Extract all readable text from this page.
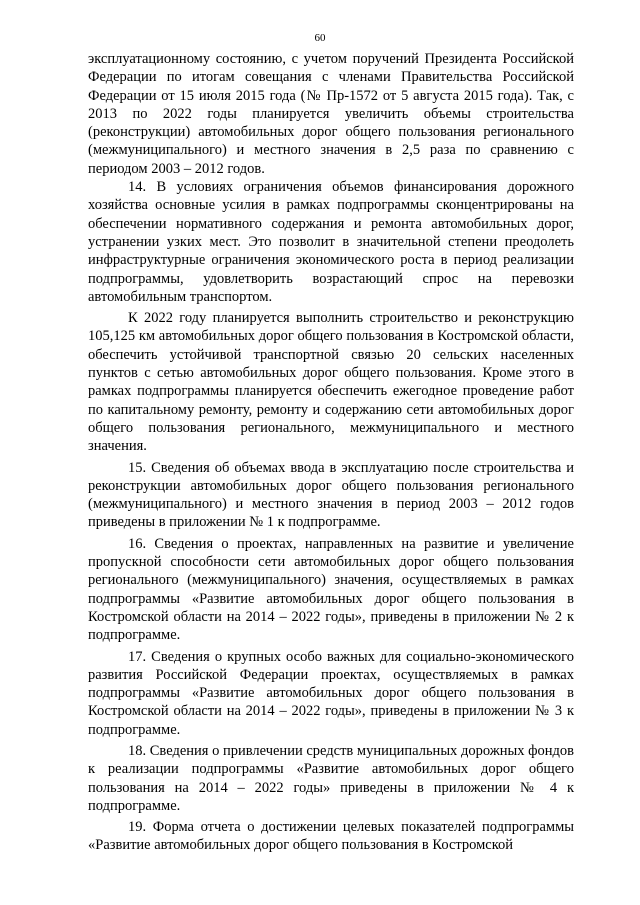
60

эксплуатационному состоянию, с учетом поручений Президента Российской Федерации по итогам совещания с членами Правительства Российской Федерации от 15 июля 2015 года (№ Пр-1572 от 5 августа 2015 года). Так, с 2013 по 2022 годы планируется увеличить объемы строительства (реконструкции) автомобильных дорог общего пользования регионального (межмуниципального) и местного значения в 2,5 раза по сравнению с периодом 2003 – 2012 годов.

14. В условиях ограничения объемов финансирования дорожного хозяйства основные усилия в рамках подпрограммы сконцентрированы на обеспечении нормативного содержания и ремонта автомобильных дорог, устранении узких мест. Это позволит в значительной степени преодолеть инфраструктурные ограничения экономического роста в период реализации подпрограммы, удовлетворить возрастающий спрос на перевозки автомобильным транспортом.

К 2022 году планируется выполнить строительство и реконструкцию 105,125 км автомобильных дорог общего пользования в Костромской области, обеспечить устойчивой транспортной связью 20 сельских населенных пунктов с сетью автомобильных дорог общего пользования. Кроме этого в рамках подпрограммы планируется обеспечить ежегодное проведение работ по капитальному ремонту, ремонту и содержанию сети автомобильных дорог общего пользования регионального, межмуниципального и местного значения.

15. Сведения об объемах ввода в эксплуатацию после строительства и реконструкции автомобильных дорог общего пользования регионального (межмуниципального) и местного значения в период 2003 – 2012 годов приведены в приложении № 1 к подпрограмме.

16. Сведения о проектах, направленных на развитие и увеличение пропускной способности сети автомобильных дорог общего пользования регионального (межмуниципального) значения, осуществляемых в рамках подпрограммы «Развитие автомобильных дорог общего пользования в Костромской области на 2014 – 2022 годы», приведены в приложении № 2 к подпрограмме.

17. Сведения о крупных особо важных для социально-экономического развития Российской Федерации проектах, осуществляемых в рамках подпрограммы «Развитие автомобильных дорог общего пользования в Костромской области на 2014 – 2022 годы», приведены в приложении № 3 к подпрограмме.

18. Сведения о привлечении средств муниципальных дорожных фондов к реализации подпрограммы «Развитие автомобильных дорог общего пользования на 2014 – 2022 годы» приведены в приложении № 4 к подпрограмме.

19. Форма отчета о достижении целевых показателей подпрограммы «Развитие автомобильных дорог общего пользования в Костромской
